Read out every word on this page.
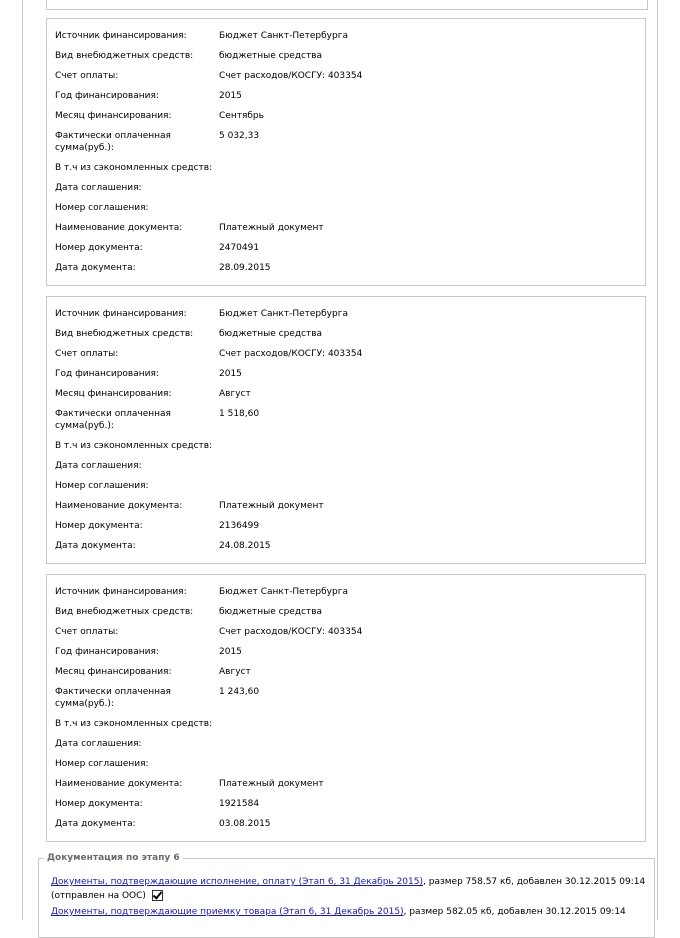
Источник финансирования:	Бюджет Санкт-Петербурга
Вид внебюджетных средств:	бюджетные средства
Счет оплаты:	Счет расходов/КОСГУ: 403354
Год финансирования:	2015
Месяц финансирования:	Сентябрь
Фактически оплаченная
сумма(руб.):
5 032,33
В т.ч из сэкономленных средств:
Дата соглашения:
Номер соглашения:
Наименование документа:	Платежный документ
Номер документа:	2470491
Дата документа:	28.09.2015
Источник финансирования:	Бюджет Санкт-Петербурга
Вид внебюджетных средств:	бюджетные средства
Счет оплаты:	Счет расходов/КОСГУ: 403354
Год финансирования:	2015
Месяц финансирования:	Август
Фактически оплаченная
сумма(руб.):
1 518,60
В т.ч из сэкономленных средств:
Дата соглашения:
Номер соглашения:
Наименование документа:	Платежный документ
Номер документа:	2136499
Дата документа:	24.08.2015
Источник финансирования:	Бюджет Санкт-Петербурга
Вид внебюджетных средств:	бюджетные средства
Счет оплаты:	Счет расходов/КОСГУ: 403354
Год финансирования:	2015
Месяц финансирования:	Август
Фактически оплаченная
сумма(руб.):
1 243,60
В т.ч из сэкономленных средств:
Дата соглашения:
Номер соглашения:
Наименование документа:	Платежный документ
Номер документа:	1921584
Дата документа:	03.08.2015
Документация по этапу 6
Документы, подтверждающие исполнение, оплату (Этап 6, 31 Декабрь 2015), размер 758.57 кб, добавлен 30.12.2015 09:14
(отправлен на ООС)
Документы, подтверждающие приемку товара (Этап 6, 31 Декабрь 2015), размер 582.05 кб, добавлен 30.12.2015 09:14
